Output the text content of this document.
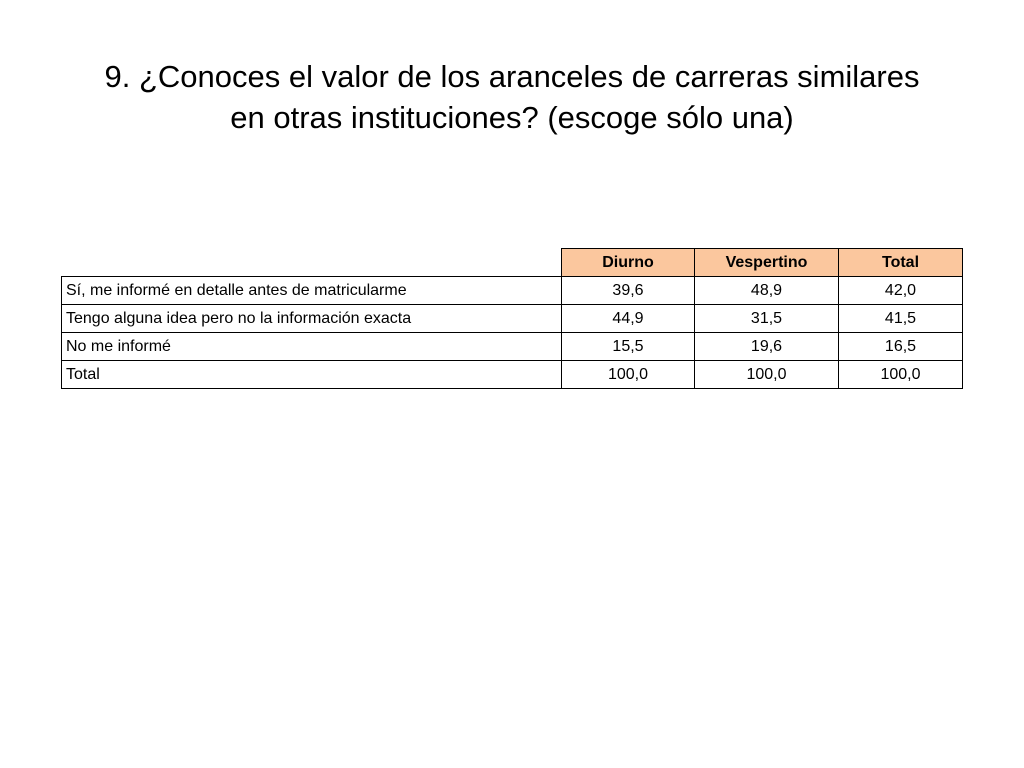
9. ¿Conoces el valor de los aranceles de carreras similares
en otras instituciones? (escoge sólo una)
	Diurno	Vespertino	Total
Sí, me informé en detalle antes de matricularme	39,6	48,9	42,0
Tengo alguna idea pero no la información exacta	44,9	31,5	41,5
No me informé	15,5	19,6	16,5
Total	100,0	100,0	100,0
